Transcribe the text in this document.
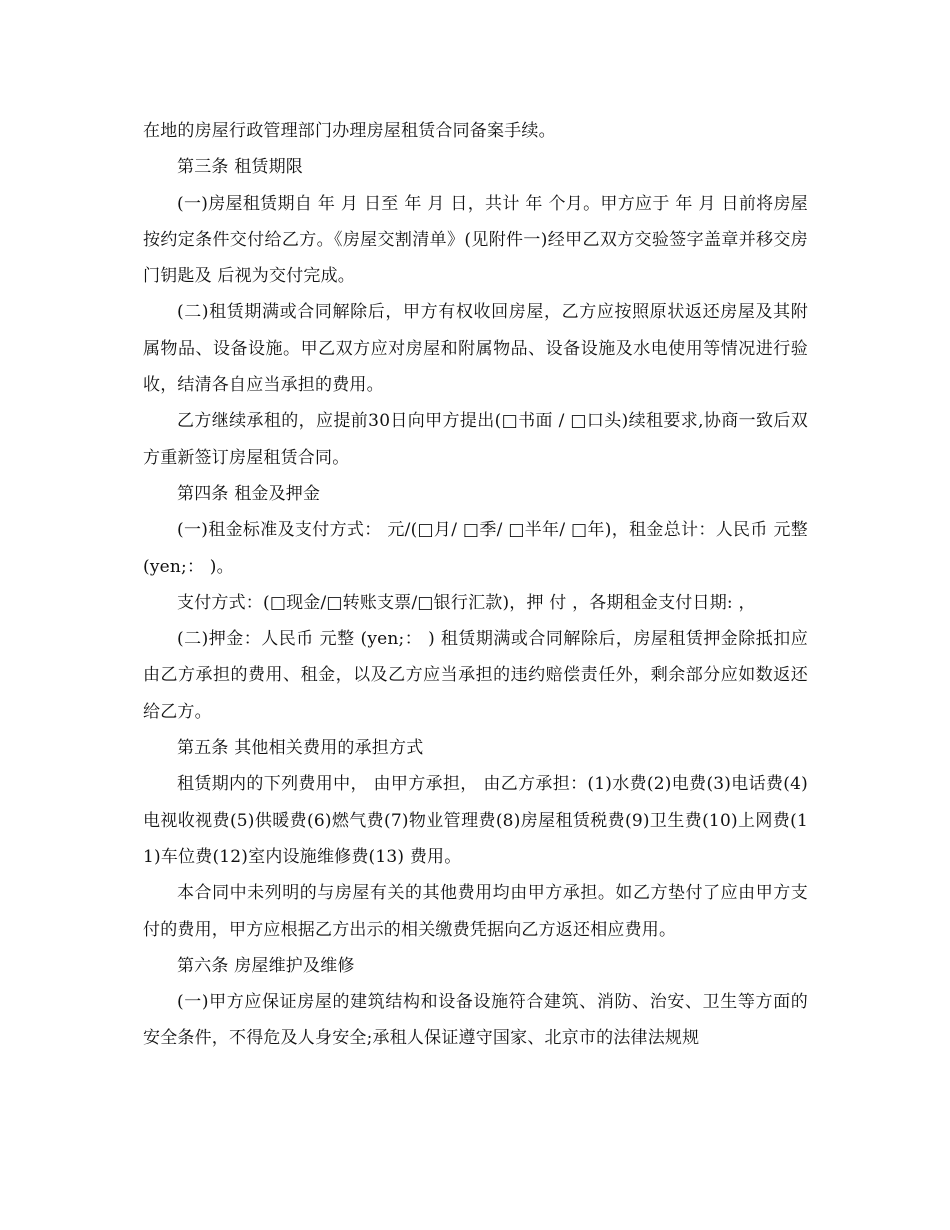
在地的房屋行政管理部门办理房屋租赁合同备案手续。

第三条 租赁期限

(一)房屋租赁期自 年 月 日至 年 月 日，共计 年 个月。甲方应于 年 月 日前将房屋按约定条件交付给乙方。《房屋交割清单》(见附件一)经甲乙双方交验签字盖章并移交房门钥匙及 后视为交付完成。

(二)租赁期满或合同解除后，甲方有权收回房屋，乙方应按照原状返还房屋及其附属物品、设备设施。甲乙双方应对房屋和附属物品、设备设施及水电使用等情况进行验收，结清各自应当承担的费用。

乙方继续承租的，应提前30日向甲方提出(□书面 / □口头)续租要求,协商一致后双方重新签订房屋租赁合同。

第四条 租金及押金

(一)租金标准及支付方式： 元/(□月/ □季/ □半年/ □年)，租金总计：人民币 元整(yen;： )。

支付方式：(□现金/□转账支票/□银行汇款)，押 付 ，各期租金支付日期: ，

(二)押金：人民币 元整 (yen;： ) 租赁期满或合同解除后，房屋租赁押金除抵扣应由乙方承担的费用、租金，以及乙方应当承担的违约赔偿责任外，剩余部分应如数返还给乙方。

第五条 其他相关费用的承担方式

租赁期内的下列费用中， 由甲方承担， 由乙方承担：(1)水费(2)电费(3)电话费(4)电视收视费(5)供暖费(6)燃气费(7)物业管理费(8)房屋租赁税费(9)卫生费(10)上网费(11)车位费(12)室内设施维修费(13) 费用。

本合同中未列明的与房屋有关的其他费用均由甲方承担。如乙方垫付了应由甲方支付的费用，甲方应根据乙方出示的相关缴费凭据向乙方返还相应费用。

第六条 房屋维护及维修

(一)甲方应保证房屋的建筑结构和设备设施符合建筑、消防、治安、卫生等方面的安全条件，不得危及人身安全;承租人保证遵守国家、北京市的法律法规规
